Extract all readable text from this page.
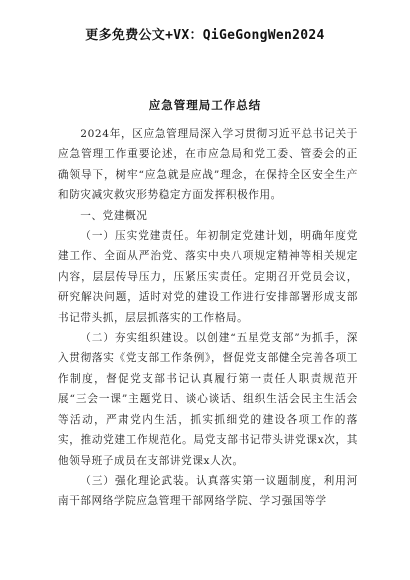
更多免费公文+VX：QiGeGongWen2024
应急管理局工作总结

2024年，区应急管理局深入学习贯彻习近平总书记关于应急管理工作重要论述，在市应急局和党工委、管委会的正确领导下，树牢“应急就是应战”理念，在保持全区安全生产和防灾减灾救灾形势稳定方面发挥积极作用。

一、党建概况

（一）压实党建责任。年初制定党建计划，明确年度党建工作、全面从严治党、落实中央八项规定精神等相关规定内容，层层传导压力，压紧压实责任。定期召开党员会议，研究解决问题，适时对党的建设工作进行安排部署形成支部书记带头抓，层层抓落实的工作格局。

（二）夯实组织建设。以创建“五星党支部”为抓手，深入贯彻落实《党支部工作条例》，督促党支部健全完善各项工作制度，督促党支部书记认真履行第一责任人职责规范开展“三会一课”主题党日、谈心谈话、组织生活会民主生活会等活动，严肃党内生活，抓实抓细党的建设各项工作的落实，推动党建工作规范化。局党支部书记带头讲党课x次，其他领导班子成员在支部讲党课x人次。

（三）强化理论武装。认真落实第一议题制度，利用河南干部网络学院应急管理干部网络学院、学习强国等学
